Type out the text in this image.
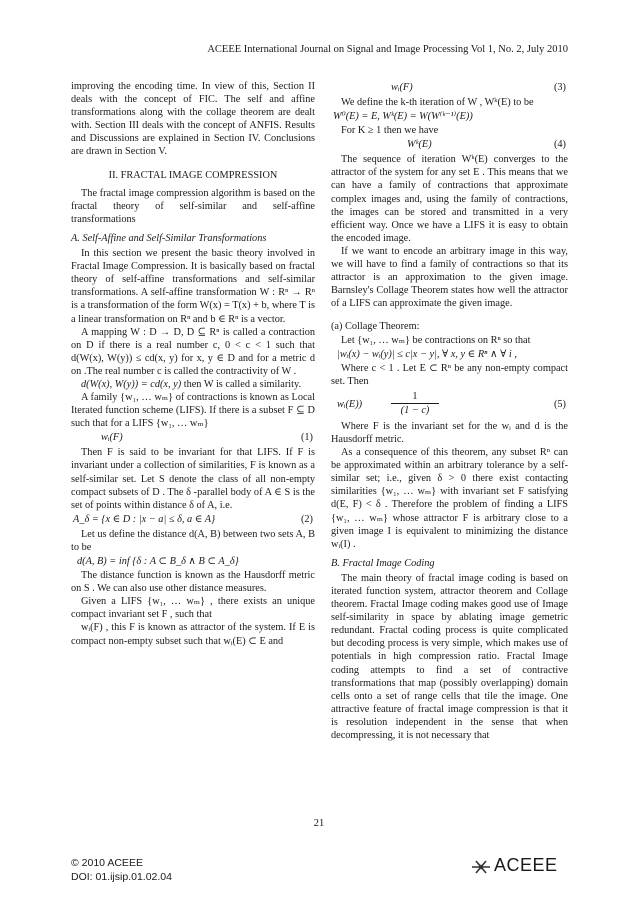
ACEEE International Journal on Signal and Image Processing Vol 1, No. 2, July 2010

improving the encoding time. In view of this, Section II deals with the concept of FIC. The self and affine transformations along with the collage theorem are dealt with. Section III deals with the concept of ANFIS. Results and Discussions are explained in Section IV. Conclusions are drawn in Section V.

II. FRACTAL IMAGE COMPRESSION

The fractal image compression algorithm is based on the fractal theory of self-similar and self-affine transformations

A. Self-Affine and Self-Similar Transformations

In this section we present the basic theory involved in Fractal Image Compression. It is basically based on fractal theory of self-affine transformations and self-similar transformations. A self-affine transformation W : Rⁿ → Rⁿ is a transformation of the form W(x) = T(x) + b, where T is a linear transformation on Rⁿ and b ∈ Rⁿ is a vector.

A mapping W : D → D, D ⊆ Rⁿ is called a contraction on D if there is a real number c, 0 < c < 1 such that d(W(x), W(y)) ≤ cd(x, y) for x, y ∈ D and for a metric d on .The real number c is called the contractivity of W .

d(W(x), W(y)) = cd(x, y) then W is called a similarity.

A family {w₁, … wₘ} of contractions is known as Local Iterated function scheme (LIFS). If there is a subset F ⊆ D such that for a LIFS {w₁, … wₘ}

wᵢ(F)	(1)

Then F is said to be invariant for that LIFS. If F is invariant under a collection of similarities, F is known as a self-similar set. Let S denote the class of all non-empty compact subsets of D . The δ -parallel body of A ∈ S is the set of points within distance δ of A, i.e.

A_δ = {x ∈ D : |x − a| ≤ δ, a ∈ A}	(2)

Let us define the distance d(A, B) between two sets A, B to be

d(A, B) = inf {δ : A ⊂ B_δ ∧ B ⊂ A_δ}

The distance function is known as the Hausdorff metric on S . We can also use other distance measures.

Given a LIFS {w₁, … wₘ} , there exists an unique compact invariant set F , such that

wᵢ(F) , this F is known as attractor of the system. If E is compact non-empty subset such that wᵢ(E) ⊂ E and

wᵢ(F)	(3)

We define the k-th iteration of W , Wᵏ(E) to be

W⁰(E) = E, Wᵏ(E) = W(W⁽ᵏ⁻¹⁾(E))

For K ≥ 1 then we have

Wᵏ(E)	(4)

The sequence of iteration Wᵏ(E) converges to the attractor of the system for any set E . This means that we can have a family of contractions that approximate complex images and, using the family of contractions, the images can be stored and transmitted in a very efficient way. Once we have a LIFS it is easy to obtain the encoded image.

If we want to encode an arbitrary image in this way, we will have to find a family of contractions so that its attractor is an approximation to the given image. Barnsley's Collage Theorem states how well the attractor of a LIFS can approximate the given image.

(a) Collage Theorem:

Let {w₁, … wₘ} be contractions on Rⁿ so that

|wᵢ(x) − wᵢ(y)| ≤ c|x − y|, ∀ x, y ∈ Rⁿ ∧ ∀ i ,

Where c < 1 . Let E ⊂ Rⁿ be any non-empty compact set. Then

wᵢ(E))
1
(1 − c)
(5)

Where F is the invariant set for the wᵢ and d is the Hausdorff metric.

As a consequence of this theorem, any subset Rⁿ can be approximated within an arbitrary tolerance by a self-similar set; i.e., given δ > 0 there exist contacting similarities {w₁, … wₘ} with invariant set F satisfying d(E, F) < δ . Therefore the problem of finding a LIFS {w₁, … wₘ} whose attractor F is arbitrary close to a given image I is equivalent to minimizing the distance wᵢ(I) .

B. Fractal Image Coding

The main theory of fractal image coding is based on iterated function system, attractor theorem and Collage theorem. Fractal Image coding makes good use of Image self-similarity in space by ablating image gemetric redundant. Fractal coding process is quite complicated but decoding process is very simple, which makes use of potentials in high compression ratio. Fractal Image coding attempts to find a set of contractive transformations that map (possibly overlapping) domain cells onto a set of range cells that tile the image. One attractive feature of fractal image compression is that it is resolution independent in the sense that when decompressing, it is not necessary that

21
© 2010 ACEEE
DOI: 01.ijsip.01.02.04
ACEEE
